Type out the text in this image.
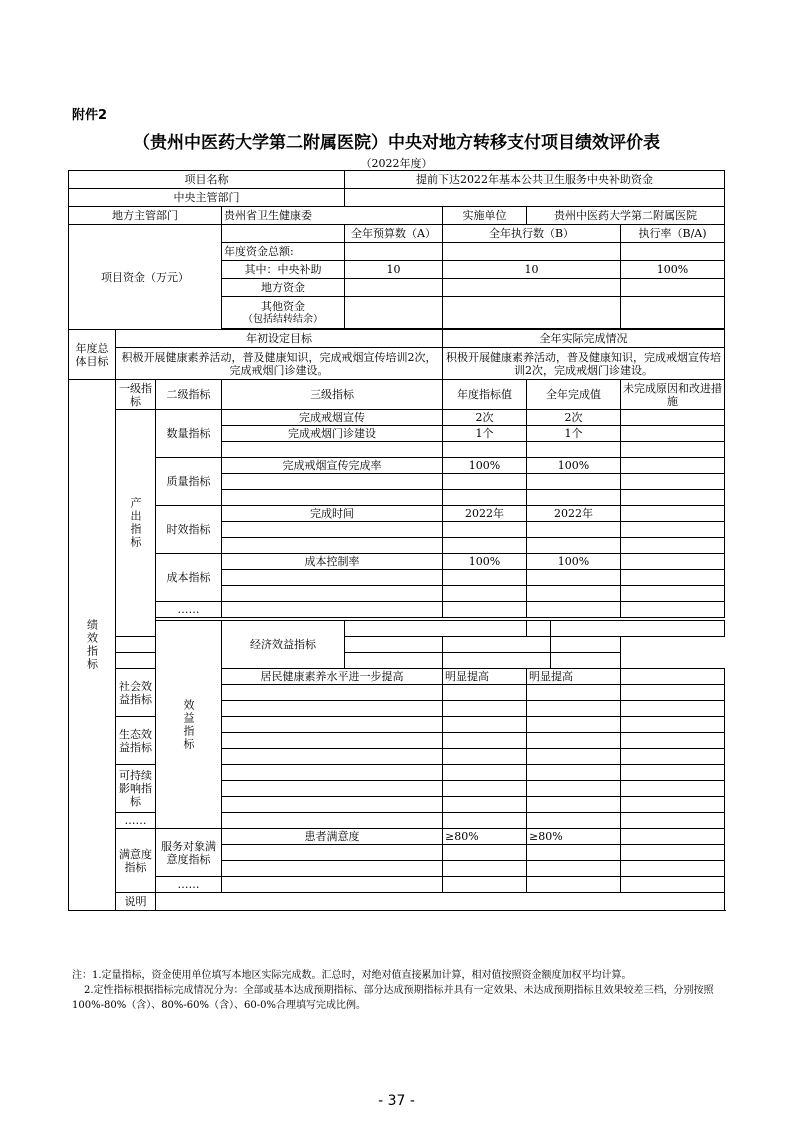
附件2
（贵州中医药大学第二附属医院）中央对地方转移支付项目绩效评价表
（2022年度）
项目名称				提前下达2022年基本公共卫生服务中央补助资金					
中央主管部门									
地方主管部门			贵州省卫生健康委		实施单位	贵州中医药大学第二附属医院			
项目资金（万元）				全年预算数（A）	全年执行数（B）			执行率（B/A)	
			年度资金总额:						
			其中：中央补助	10	10			100%	
			地方资金						

			其他资金
（包括结转结余）						

年度总体目标	年初设定目标				全年实际完成情况				
	积极开展健康素养活动，普及健康知识，完成戒烟宣传培训2次，完成戒烟门诊建设。				积极开展健康素养活动，普及健康知识，完成戒烟宣传培训2次，完成戒烟门诊建设。				

绩效指标	一级指标	二级指标	三级指标		年度指标值	全年完成值		未完成原因和改进措施	

	产出指标	数量指标	完成戒烟宣传		2次	2次			
			完成戒烟门诊建设		1个	1个			

		质量指标	完成戒烟宣传完成率		100%	100%			

		时效指标	完成时间		2022年	2022年			

		成本指标	成本控制率		100%	100%			

		……							

		效益指标	经济效益指标						

	社会效益指标		居民健康素养水平进一步提高		明显提高	明显提高			

	生态效益指标								

	可持续影响指标								

	……								
	满意度指标	服务对象满意度指标	患者满意度		≥80%	≥80%			

		……							
	说明								
注：1.定量指标，资金使用单位填写本地区实际完成数。汇总时，对绝对值直接累加计算，相对值按照资金额度加权平均计算。
2.定性指标根据指标完成情况分为：全部或基本达成预期指标、部分达成预期指标并具有一定效果、未达成预期指标且效果较差三档，分别按照100%-80%（含）、80%-60%（含）、60-0%合理填写完成比例。
- 37 -
